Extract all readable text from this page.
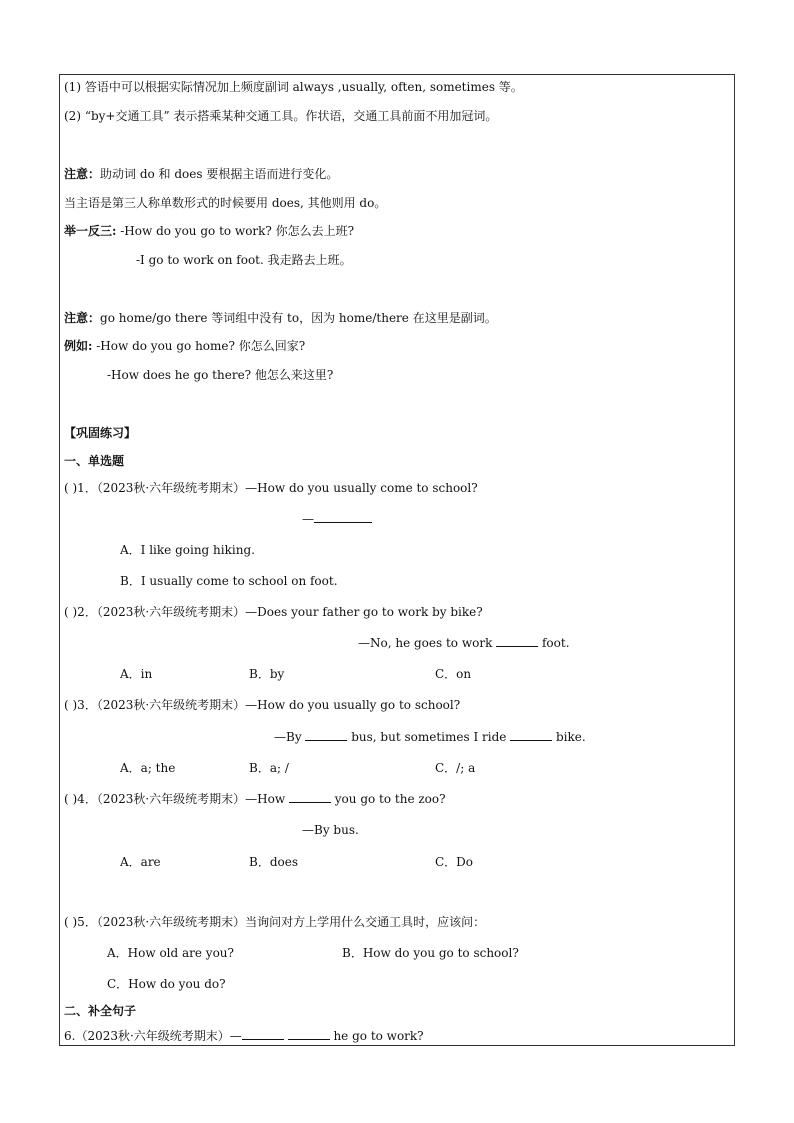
(1) 答语中可以根据实际情况加上频度副词 always ,usually, often, sometimes 等。
(2) “by+交通工具” 表示搭乘某种交通工具。作状语，交通工具前面不用加冠词。
注意：助动词 do 和 does 要根据主语而进行变化。
当主语是第三人称单数形式的时候要用 does, 其他则用 do。
举一反三: -How do you go to work? 你怎么去上班?
-I go to work on foot. 我走路去上班。
注意：go home/go there 等词组中没有 to，因为 home/there 在这里是副词。
例如: -How do you go home? 你怎么回家?
-How does he go there? 他怎么来这里?
【巩固练习】
一、单选题
( )1．（2023秋·六年级统考期末）—How do you usually come to school?
—
A．I like going hiking.
B．I usually come to school on foot.
( )2．（2023秋·六年级统考期末）—Does your father go to work by bike?
—No, he goes to work	foot.
A．in	B．by	C．on
( )3．（2023秋·六年级统考期末）—How do you usually go to school?
—By	bus, but sometimes I ride	bike.
A．a; the	B．a; /	C．/; a
( )4．（2023秋·六年级统考期末）—How	you go to the zoo?
—By bus.
A．are	B．does	C．Do
( )5．（2023秋·六年级统考期末）当询问对方上学用什么交通工具时，应该问：
A．How old are you?	B．How do you go to school?
C．How do you do?
二、补全句子
6.（2023秋·六年级统考期末）—	he go to work?
